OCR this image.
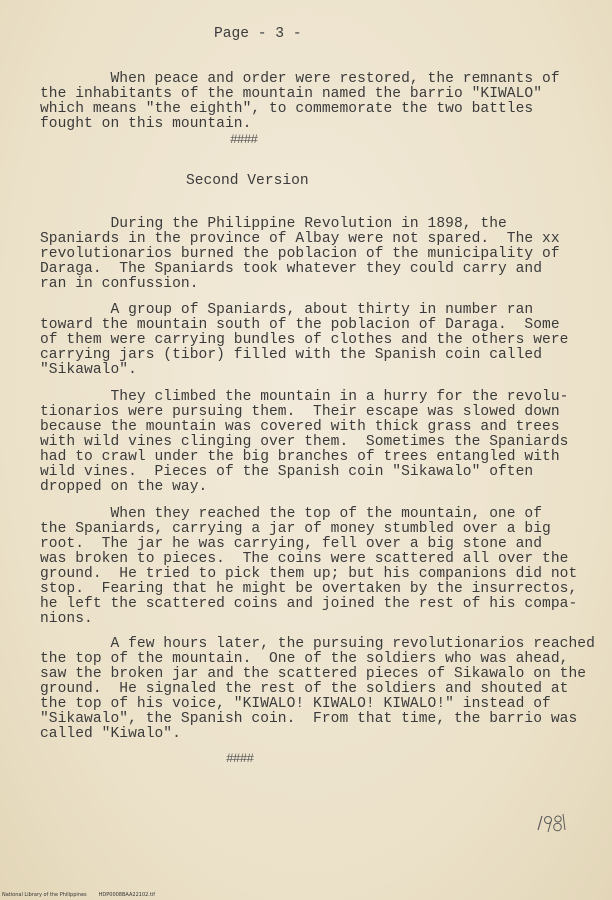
Page - 3 -
When peace and order were restored, the remnants of
the inhabitants of the mountain named the barrio "KIWALO"
which means "the eighth", to commemorate the two battles
fought on this mountain.
####
Second Version
During the Philippine Revolution in 1898, the
Spaniards in the province of Albay were not spared.  The xx
revolutionarios burned the poblacion of the municipality of
Daraga.  The Spaniards took whatever they could carry and
ran in confussion.
A group of Spaniards, about thirty in number ran
toward the mountain south of the poblacion of Daraga.  Some
of them were carrying bundles of clothes and the others were
carrying jars (tibor) filled with the Spanish coin called
"Sikawalo".
They climbed the mountain in a hurry for the revolu-
tionarios were pursuing them.  Their escape was slowed down
because the mountain was covered with thick grass and trees
with wild vines clinging over them.  Sometimes the Spaniards
had to crawl under the big branches of trees entangled with
wild vines.  Pieces of the Spanish coin "Sikawalo" often
dropped on the way.
When they reached the top of the mountain, one of
the Spaniards, carrying a jar of money stumbled over a big
root.  The jar he was carrying, fell over a big stone and
was broken to pieces.  The coins were scattered all over the
ground.  He tried to pick them up; but his companions did not
stop.  Fearing that he might be overtaken by the insurrectos,
he left the scattered coins and joined the rest of his compa-
nions.
A few hours later, the pursuing revolutionarios reached
the top of the mountain.  One of the soldiers who was ahead,
saw the broken jar and the scattered pieces of Sikawalo on the
ground.  He signaled the rest of the soldiers and shouted at
the top of his voice, "KIWALO! KIWALO! KIWALO!" instead of
"Sikawalo", the Spanish coin.  From that time, the barrio was
called "Kiwalo".
####
National Library of the Philippines HDP0008BAA22102.tif
